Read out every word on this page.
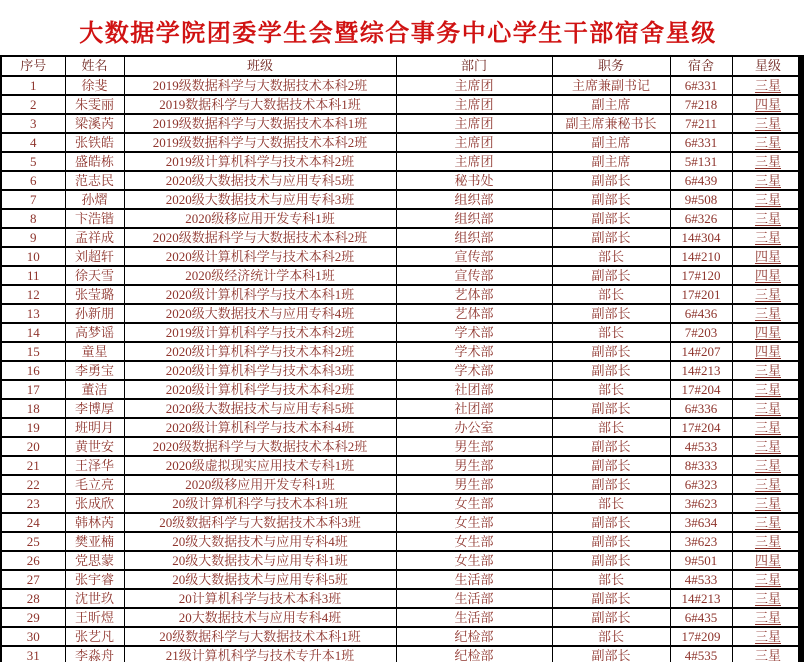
大数据学院团委学生会暨综合事务中心学生干部宿舍星级
序号	姓名	班级	部门	职务	宿舍	星级
1	徐斐	2019级数据科学与大数据技术本科2班	主席团	主席兼副书记	6#331	三星
2	朱雯丽	2019数据科学与大数据技术本科1班	主席团	副主席	7#218	四星
3	梁溪芮	2019级数据科学与大数据技术本科1班	主席团	副主席兼秘书长	7#211	三星
4	张铁皓	2019级数据科学与大数据技术本科2班	主席团	副主席	6#331	三星
5	盛皓栋	2019级计算机科学与技术本科2班	主席团	副主席	5#131	三星
6	范志民	2020级大数据技术与应用专科5班	秘书处	副部长	6#439	三星
7	孙熠	2020级大数据技术与应用专科3班	组织部	副部长	9#508	三星
8	卞浩锴	2020级移应用开发专科1班	组织部	副部长	6#326	三星
9	孟祥成	2020级数据科学与大数据技术本科2班	组织部	副部长	14#304	三星
10	刘超轩	2020级计算机科学与技术本科2班	宣传部	部长	14#210	四星
11	徐天雪	2020级经济统计学本科1班	宣传部	副部长	17#120	四星
12	张莹璐	2020级计算机科学与技术本科1班	艺体部	部长	17#201	三星
13	孙新朋	2020级大数据技术与应用专科4班	艺体部	副部长	6#436	三星
14	高梦谣	2019级计算机科学与技术本科2班	学术部	部长	7#203	四星
15	童星	2020级计算机科学与技术本科2班	学术部	副部长	14#207	四星
16	李勇宝	2020级计算机科学与技术本科3班	学术部	副部长	14#213	三星
17	董洁	2020级计算机科学与技术本科2班	社团部	部长	17#204	三星
18	李博厚	2020级大数据技术与应用专科5班	社团部	副部长	6#336	三星
19	班明月	2020级计算机科学与技术本科4班	办公室	部长	17#204	三星
20	黄世安	2020级数据科学与大数据技术本科2班	男生部	副部长	4#533	三星
21	王泽华	2020级虚拟现实应用技术专科1班	男生部	副部长	8#333	三星
22	毛立亮	2020级移应用开发专科1班	男生部	副部长	6#323	三星
23	张成欣	20级计算机科学与技术本科1班	女生部	部长	3#623	三星
24	韩林芮	20级数据科学与大数据技术本科3班	女生部	副部长	3#634	三星
25	樊亚楠	20级大数据技术与应用专科4班	女生部	副部长	3#623	三星
26	党思蒙	20级大数据技术与应用专科1班	女生部	副部长	9#501	四星
27	张宇睿	20级大数据技术与应用专科5班	生活部	部长	4#533	三星
28	沈世玖	20计算机科学与技术本科3班	生活部	副部长	14#213	三星
29	王昕煜	20大数据技术与应用专科4班	生活部	副部长	6#435	三星
30	张艺凡	20级数据科学与大数据技术本科1班	纪检部	部长	17#209	三星
31	李淼舟	21级计算机科学与技术专升本1班	纪检部	副部长	4#535	三星
